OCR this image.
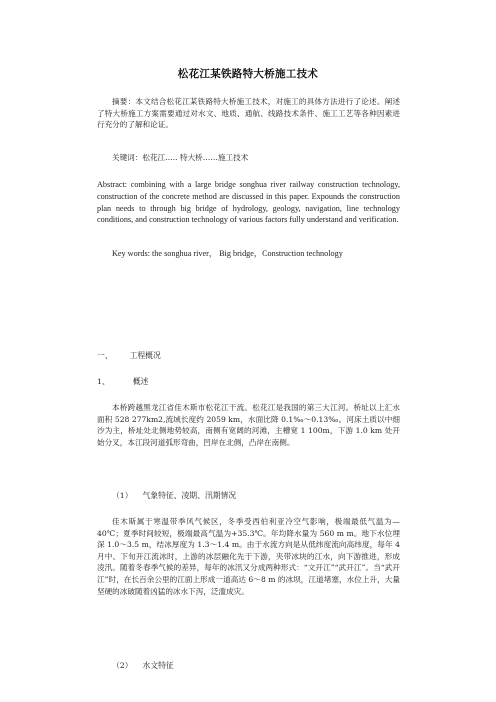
松花江某铁路特大桥施工技术
摘要：本文结合松花江某铁路特大桥施工技术，对施工的具体方法进行了论述。阐述了特大桥施工方案需要通过对水文、地质、通航、线路技术条件、施工工艺等各种因素进行充分的了解和论证。
关键词：松花江….. 特大桥……施工技术
Abstract: combining with a large bridge songhua river railway construction technology, construction of the concrete method are discussed in this paper. Expounds the construction plan needs to through big bridge of hydrology, geology, navigation, line technology conditions, and construction technology of various factors fully understand and verification.
Key words: the songhua river， Big bridge，Construction technology
一、 工程概况
1、	概述
本桥跨越黑龙江省佳木斯市松花江干流。松花江是我国的第三大江河。桥址以上汇水面积 528 277km2,流域长度约 2059 km，水面比降 0.1‰～0.13‰。河床土质以中细沙为主，桥址处北侧地势较高，南侧有宽阔的河滩，主槽宽 1 100m，下游 1.0 km 处开始分叉，本江段河道弧形弯曲，凹岸在北侧，凸岸在南侧。
（1） 气象特征、凌期、汛期情况
佳木斯属于寒温带季风气候区，冬季受西伯利亚冷空气影响，极端最低气温为—40℃；夏季时间较短，极端最高气温为+35.3℃。年均降水量为 560 m m。地下水位埋深 1.0～3.5 m，结冰厚度为 1.3～1.4 m。由于水流方向是从低纬度流向高纬度，每年 4 月中、下旬开江流冰时，上游的冰层融化先于下游，夹带冰块的江水，向下游推进，形成凌汛。随着冬春季气候的差异，每年的冰汛又分成两种形式：“文开江”“武开江”。当“武开江”时，在长百余公里的江面上形成一道高达 6～8 m 的冰坝，江道堵塞，水位上升，大量坚硬的冰破随着凶猛的冰水下泻，泛滥成灾。
（2） 水文特征
